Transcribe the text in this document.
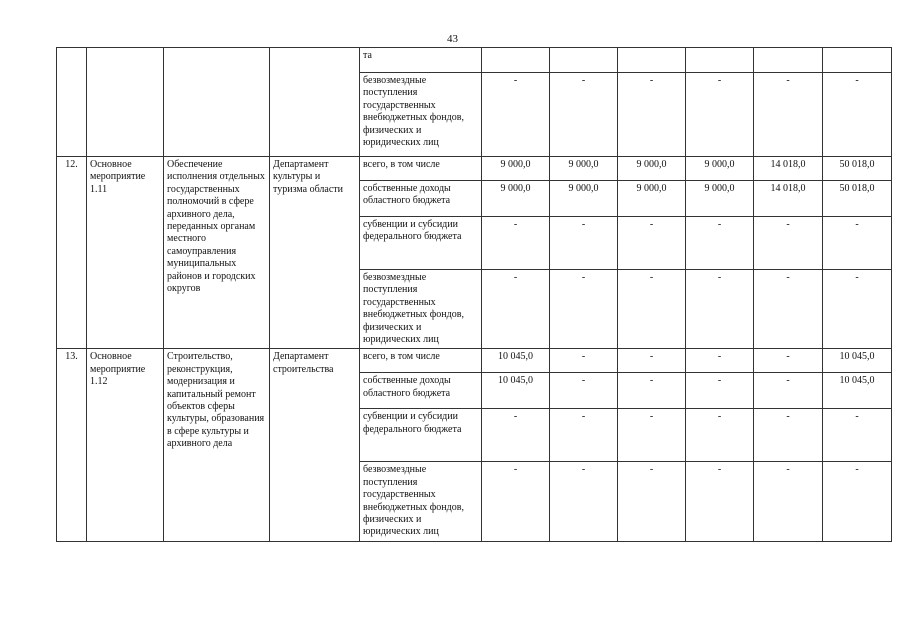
43
				та						
				безвозмездные поступления государственных внебюджетных фондов, физических и юридических лиц	-	-	-	-	-	-
12.	Основное мероприятие 1.11	Обеспечение исполнения отдельных государственных полномочий в сфере архивного дела, переданных органам местного самоуправления муниципальных районов и городских округов	Департамент культуры и туризма области	всего, в том числе	9 000,0	9 000,0	9 000,0	9 000,0	14 018,0	50 018,0
				собственные доходы областного бюджета	9 000,0	9 000,0	9 000,0	9 000,0	14 018,0	50 018,0
				субвенции и субсидии федерального бюджета	-	-	-	-	-	-
				безвозмездные поступления государственных внебюджетных фондов, физических и юридических лиц	-	-	-	-	-	-
13.	Основное мероприятие 1.12	Строительство, реконструкция, модернизация и капитальный ремонт объектов сферы культуры, образования в сфере культуры и архивного дела	Департамент строительства	всего, в том числе	10 045,0	-	-	-	-	10 045,0
				собственные доходы областного бюджета	10 045,0	-	-	-	-	10 045,0
				субвенции и субсидии федерального бюджета	-	-	-	-	-	-
				безвозмездные поступления государственных внебюджетных фондов, физических и юридических лиц	-	-	-	-	-	-
